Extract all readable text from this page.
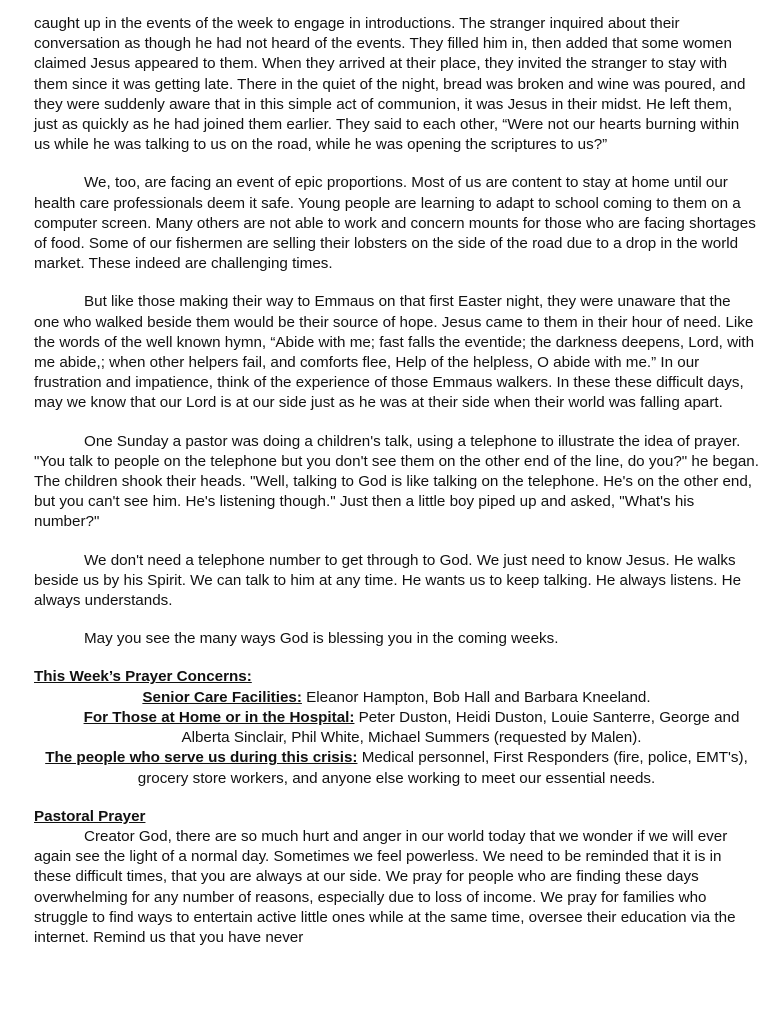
caught up in the events of the week to engage in introductions. The stranger inquired about their conversation as though he had not heard of the events. They filled him in, then added that some women claimed Jesus appeared to them. When they arrived at their place, they invited the stranger to stay with them since it was getting late. There in the quiet of the night, bread was broken and wine was poured, and they were suddenly aware that in this simple act of communion, it was Jesus in their midst. He left them, just as quickly as he had joined them earlier. They said to each other, “Were not our hearts burning within us while he was talking to us on the road, while he was opening the scriptures to us?”

We, too, are facing an event of epic proportions. Most of us are content to stay at home until our health care professionals deem it safe. Young people are learning to adapt to school coming to them on a computer screen. Many others are not able to work and concern mounts for those who are facing shortages of food. Some of our fishermen are selling their lobsters on the side of the road due to a drop in the world market. These indeed are challenging times.

But like those making their way to Emmaus on that first Easter night, they were unaware that the one who walked beside them would be their source of hope. Jesus came to them in their hour of need. Like the words of the well known hymn, “Abide with me; fast falls the eventide; the darkness deepens, Lord, with me abide,; when other helpers fail, and comforts flee, Help of the helpless, O abide with me.” In our frustration and impatience, think of the experience of those Emmaus walkers. In these these difficult days, may we know that our Lord is at our side just as he was at their side when their world was falling apart.

One Sunday a pastor was doing a children's talk, using a telephone to illustrate the idea of prayer. "You talk to people on the telephone but you don't see them on the other end of the line, do you?" he began. The children shook their heads. "Well, talking to God is like talking on the telephone. He's on the other end, but you can't see him. He's listening though." Just then a little boy piped up and asked, "What's his number?"

We don't need a telephone number to get through to God. We just need to know Jesus. He walks beside us by his Spirit. We can talk to him at any time. He wants us to keep talking. He always listens. He always understands.

May you see the many ways God is blessing you in the coming weeks.

This Week’s Prayer Concerns:

Senior Care Facilities: Eleanor Hampton, Bob Hall and Barbara Kneeland.

For Those at Home or in the Hospital: Peter Duston, Heidi Duston, Louie Santerre, George and Alberta Sinclair, Phil White, Michael Summers (requested by Malen).

The people who serve us during this crisis: Medical personnel, First Responders (fire, police, EMT's), grocery store workers, and anyone else working to meet our essential needs.

Pastoral Prayer

Creator God, there are so much hurt and anger in our world today that we wonder if we will ever again see the light of a normal day. Sometimes we feel powerless. We need to be reminded that it is in these difficult times, that you are always at our side. We pray for people who are finding these days overwhelming for any number of reasons, especially due to loss of income. We pray for families who struggle to find ways to entertain active little ones while at the same time, oversee their education via the internet. Remind us that you have never
